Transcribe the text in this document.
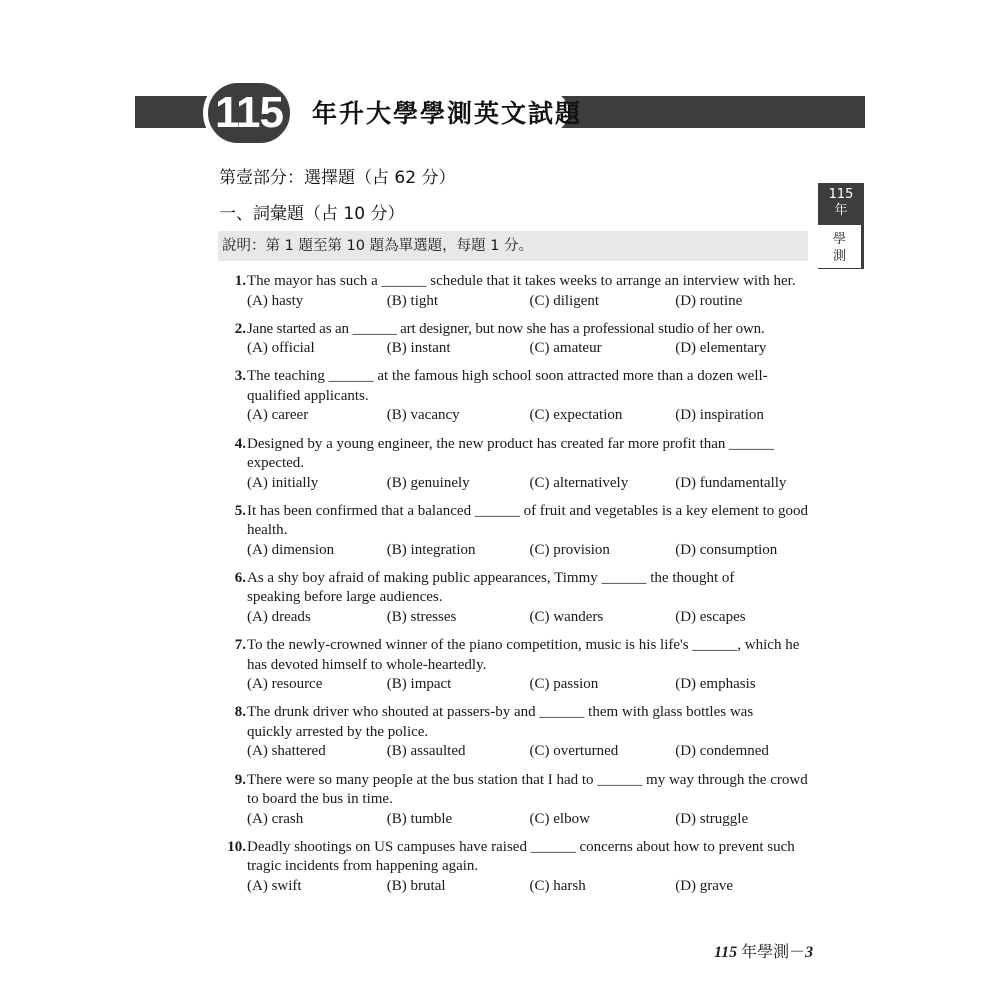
年升大學學測英文試題
115
115
年
學
測
第壹部分：選擇題（占 62 分）
一、詞彙題（占 10 分）
說明：第 1 題至第 10 題為單選題，每題 1 分。
1. The mayor has such a ______ schedule that it takes weeks to arrange an interview with her.
(A) hasty	(B) tight	(C) diligent	(D) routine
2. Jane started as an ______ art designer, but now she has a professional studio of her own.
(A) official	(B) instant	(C) amateur	(D) elementary
3. The teaching ______ at the famous high school soon attracted more than a dozen well-qualified applicants.
(A) career	(B) vacancy	(C) expectation	(D) inspiration
4. Designed by a young engineer, the new product has created far more profit than ______ expected.
(A) initially	(B) genuinely	(C) alternatively	(D) fundamentally
5. It has been confirmed that a balanced ______ of fruit and vegetables is a key element to good health.
(A) dimension	(B) integration	(C) provision	(D) consumption
6. As a shy boy afraid of making public appearances, Timmy ______ the thought of speaking before large audiences.
(A) dreads	(B) stresses	(C) wanders	(D) escapes
7. To the newly-crowned winner of the piano competition, music is his life's ______, which he has devoted himself to whole-heartedly.
(A) resource	(B) impact	(C) passion	(D) emphasis
8. The drunk driver who shouted at passers-by and ______ them with glass bottles was quickly arrested by the police.
(A) shattered	(B) assaulted	(C) overturned	(D) condemned
9. There were so many people at the bus station that I had to ______ my way through the crowd to board the bus in time.
(A) crash	(B) tumble	(C) elbow	(D) struggle
10. Deadly shootings on US campuses have raised ______ concerns about how to prevent such tragic incidents from happening again.
(A) swift	(B) brutal	(C) harsh	(D) grave
115 年學測－3
